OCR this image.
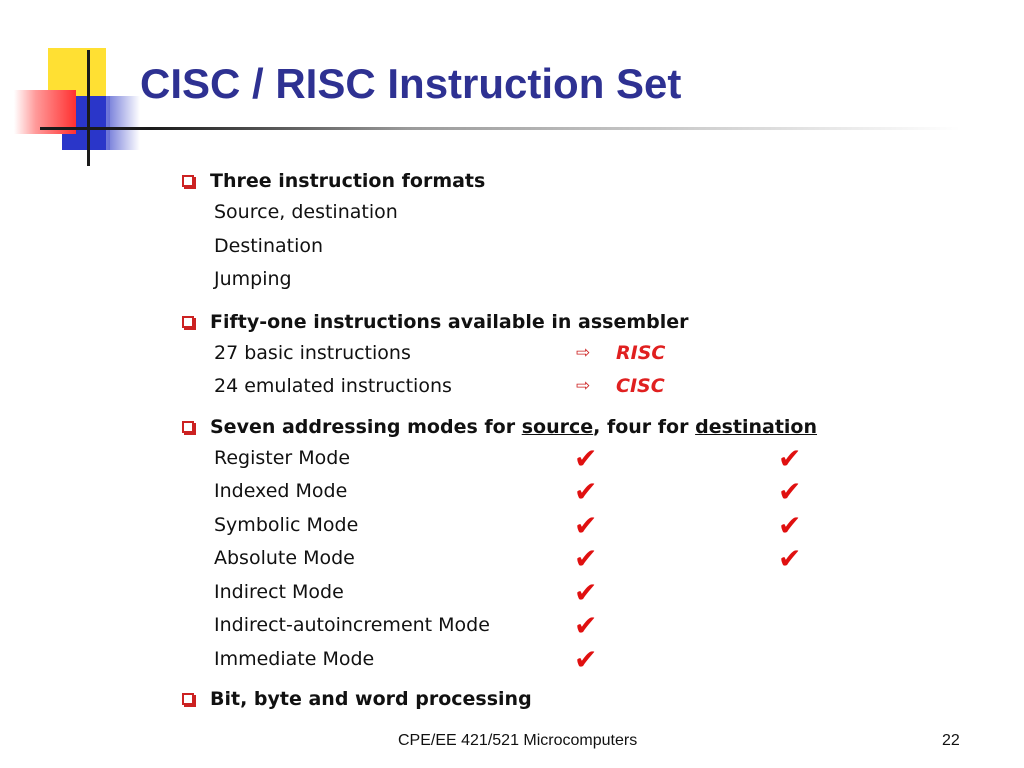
CISC / RISC Instruction Set
Three instruction formats
Source, destination
Destination
Jumping
Fifty-one instructions available in assembler
27 basic instructions	⇨ RISC
24 emulated instructions	⇨ CISC
Seven addressing modes for source, four for destination
Register Mode	✔	✔
Indexed Mode	✔	✔
Symbolic Mode	✔	✔
Absolute Mode	✔	✔
Indirect Mode	✔
Indirect-autoincrement Mode	✔
Immediate Mode	✔
Bit, byte and word processing
CPE/EE 421/521 Microcomputers	22
